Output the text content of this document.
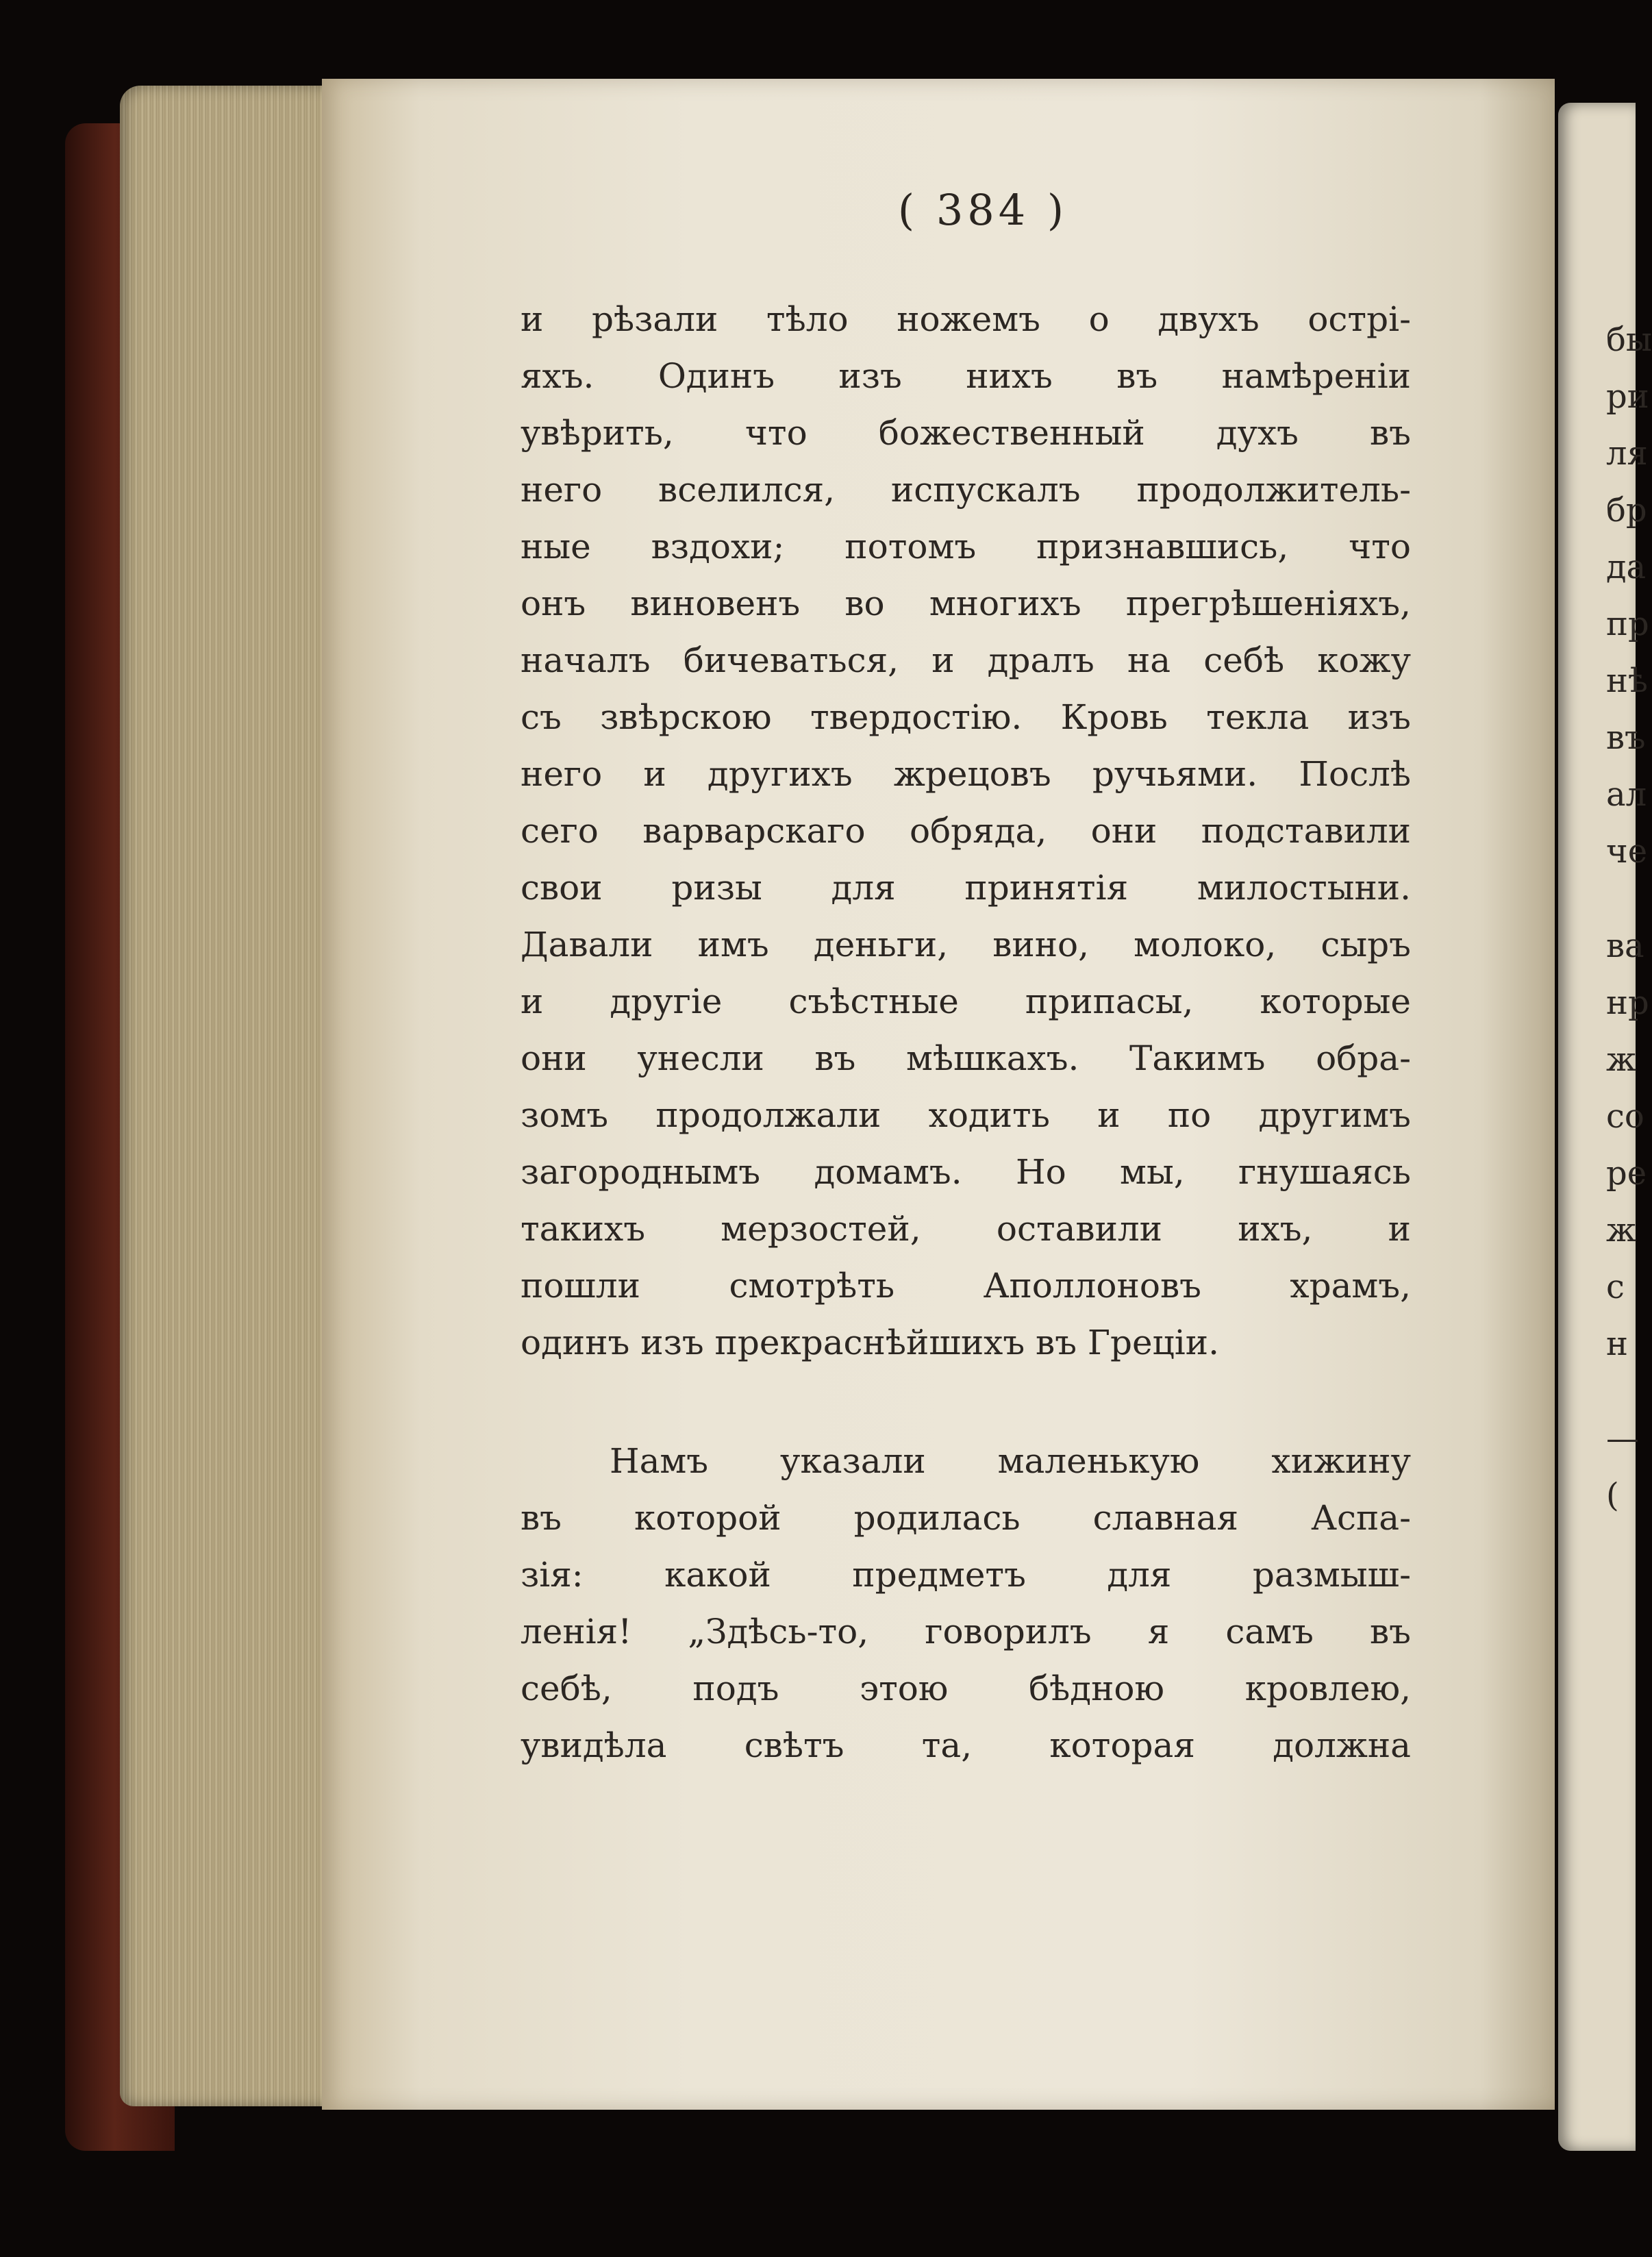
( 384 )
и рѣзали тѣло ножемъ о двухъ острі-
яхъ. Одинъ изъ нихъ въ намѣреніи
увѣрить, что божественный духъ въ
него вселился, испускалъ продолжитель-
ные вздохи; потомъ признавшись, что
онъ виновенъ во многихъ прегрѣшеніяхъ,
началъ бичеваться, и дралъ на себѣ кожу
съ звѣрскою твердостію. Кровь текла изъ
него и другихъ жрецовъ ручьями. Послѣ
сего варварскаго обряда, они подставили
свои ризы для принятія милостыни.
Давали имъ деньги, вино, молоко, сыръ
и другіе съѣстные припасы, которые
они унесли въ мѣшкахъ. Такимъ обра-
зомъ продолжали ходить и по другимъ
загороднымъ домамъ. Но мы, гнушаясь
такихъ мерзостей, оставили ихъ, и
пошли смотрѣть Аполлоновъ храмъ,
одинъ изъ прекраснѣйшихъ въ Греціи.
Намъ указали маленькую хижину
въ которой родилась славная Аспа-
зія: какой предметъ для размыш-
ленія! „Здѣсь-то, говорилъ я самъ въ
себѣ, подъ этою бѣдною кровлею,
увидѣла свѣтъ та, которая должна
бы
ри
ля
бр
да
пр
нѣ
въ
ал
че
ва
нр
ж
со
ре
ж
с
н
—
(
